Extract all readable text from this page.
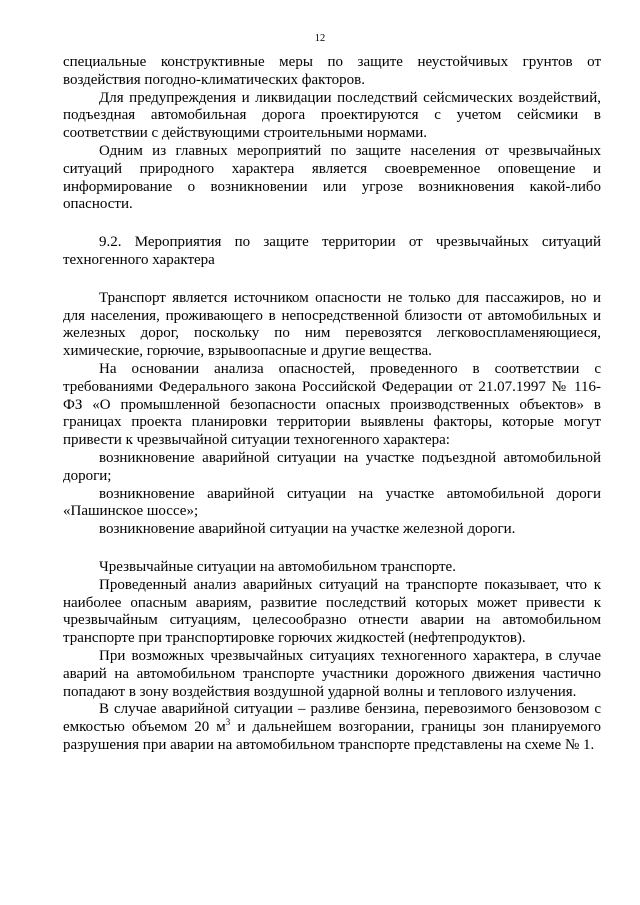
12

специальные конструктивные меры по защите неустойчивых грунтов от воздействия погодно-климатических факторов.

Для предупреждения и ликвидации последствий сейсмических воздействий, подъездная автомобильная дорога проектируются с учетом сейсмики в соответствии с действующими строительными нормами.

Одним из главных мероприятий по защите населения от чрезвычайных ситуаций природного характера является своевременное оповещение и информирование о возникновении или угрозе возникновения какой-либо опасности.

9.2. Мероприятия по защите территории от чрезвычайных ситуаций техногенного характера

Транспорт является источником опасности не только для пассажиров, но и для населения, проживающего в непосредственной близости от автомобильных и железных дорог, поскольку по ним перевозятся легковоспламеняющиеся, химические, горючие, взрывоопасные и другие вещества.

На основании анализа опасностей, проведенного в соответствии с требованиями Федерального закона Российской Федерации от 21.07.1997 № 116-ФЗ «О промышленной безопасности опасных производственных объектов» в границах проекта планировки территории выявлены факторы, которые могут привести к чрезвычайной ситуации техногенного характера:

возникновение аварийной ситуации на участке подъездной автомобильной дороги;

возникновение аварийной ситуации на участке автомобильной дороги «Пашинское шоссе»;

возникновение аварийной ситуации на участке железной дороги.

Чрезвычайные ситуации на автомобильном транспорте.

Проведенный анализ аварийных ситуаций на транспорте показывает, что к наиболее опасным авариям, развитие последствий которых может привести к чрезвычайным ситуациям, целесообразно отнести аварии на автомобильном транспорте при транспортировке горючих жидкостей (нефтепродуктов).

При возможных чрезвычайных ситуациях техногенного характера, в случае аварий на автомобильном транспорте участники дорожного движения частично попадают в зону воздействия воздушной ударной волны и теплового излучения.

В случае аварийной ситуации – разливе бензина, перевозимого бензовозом с емкостью объемом 20 $м^3$ и дальнейшем возгорании, границы зон планируемого разрушения при аварии на автомобильном транспорте представлены на схеме № 1.
